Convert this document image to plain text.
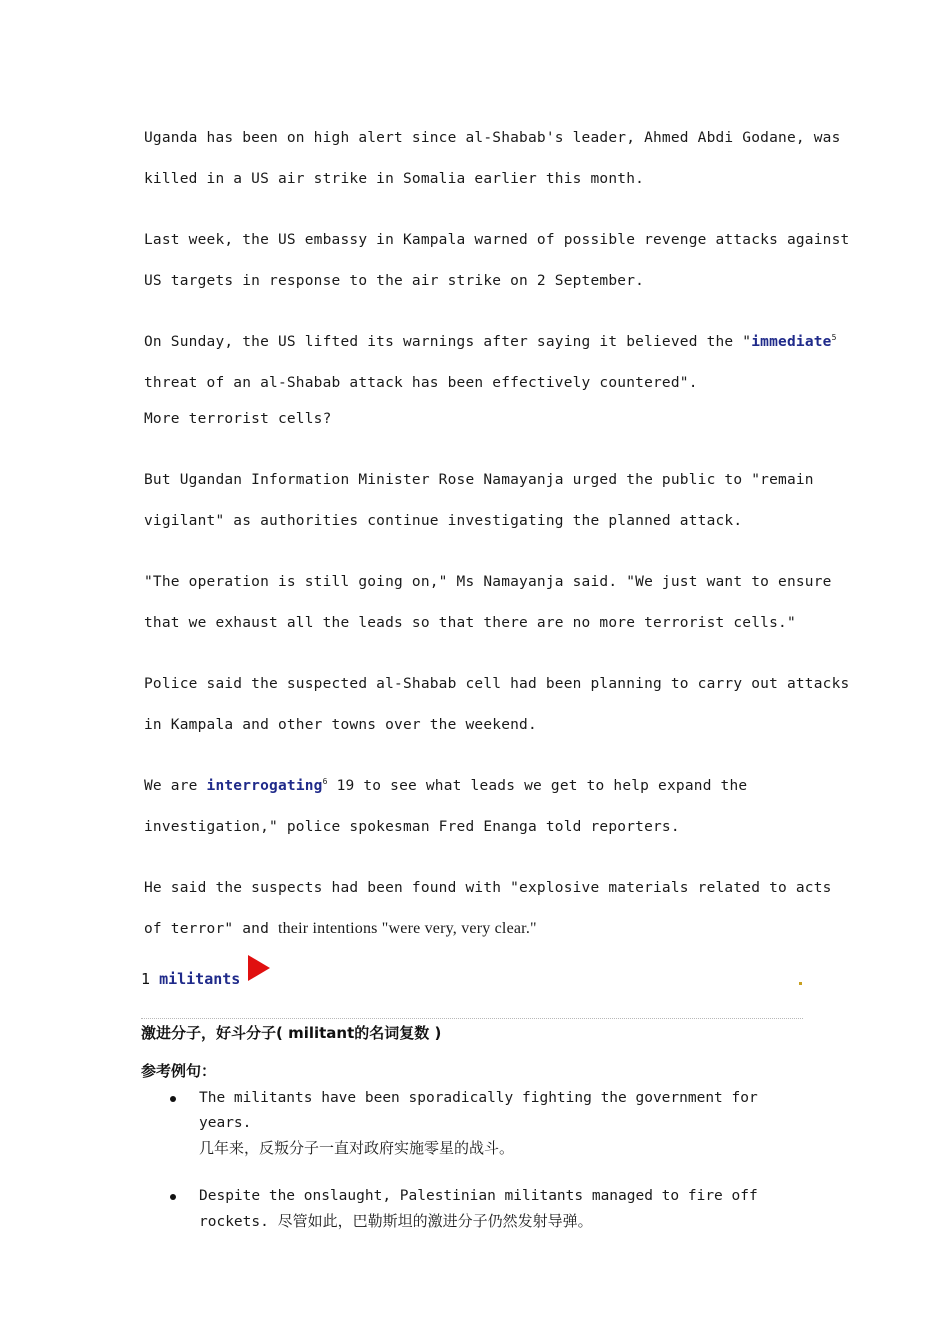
Uganda has been on high alert since al-Shabab's leader, Ahmed Abdi Godane, was
killed in a US air strike in Somalia earlier this month.
Last week, the US embassy in Kampala warned of possible revenge attacks against
US targets in response to the air strike on 2 September.
On Sunday, the US lifted its warnings after saying it believed the "immediate$^5$
threat of an al-Shabab attack has been effectively countered".
More terrorist cells?
But Ugandan Information Minister Rose Namayanja urged the public to "remain
vigilant" as authorities continue investigating the planned attack.
"The operation is still going on," Ms Namayanja said. "We just want to ensure
that we exhaust all the leads so that there are no more terrorist cells."
Police said the suspected al-Shabab cell had been planning to carry out attacks
in Kampala and other towns over the weekend.
We are interrogating$^6$ 19 to see what leads we get to help expand the
investigation," police spokesman Fred Enanga told reporters.
He said the suspects had been found with "explosive materials related to acts
of terror" and their intentions "were very, very clear."
1 militants
激进分子，好斗分子( militant的名词复数 )
参考例句：
The militants have been sporadically fighting the government for years.
几年来，反叛分子一直对政府实施零星的战斗。
Despite the onslaught, Palestinian militants managed to fire off
rockets. 尽管如此，巴勒斯坦的激进分子仍然发射导弹。
